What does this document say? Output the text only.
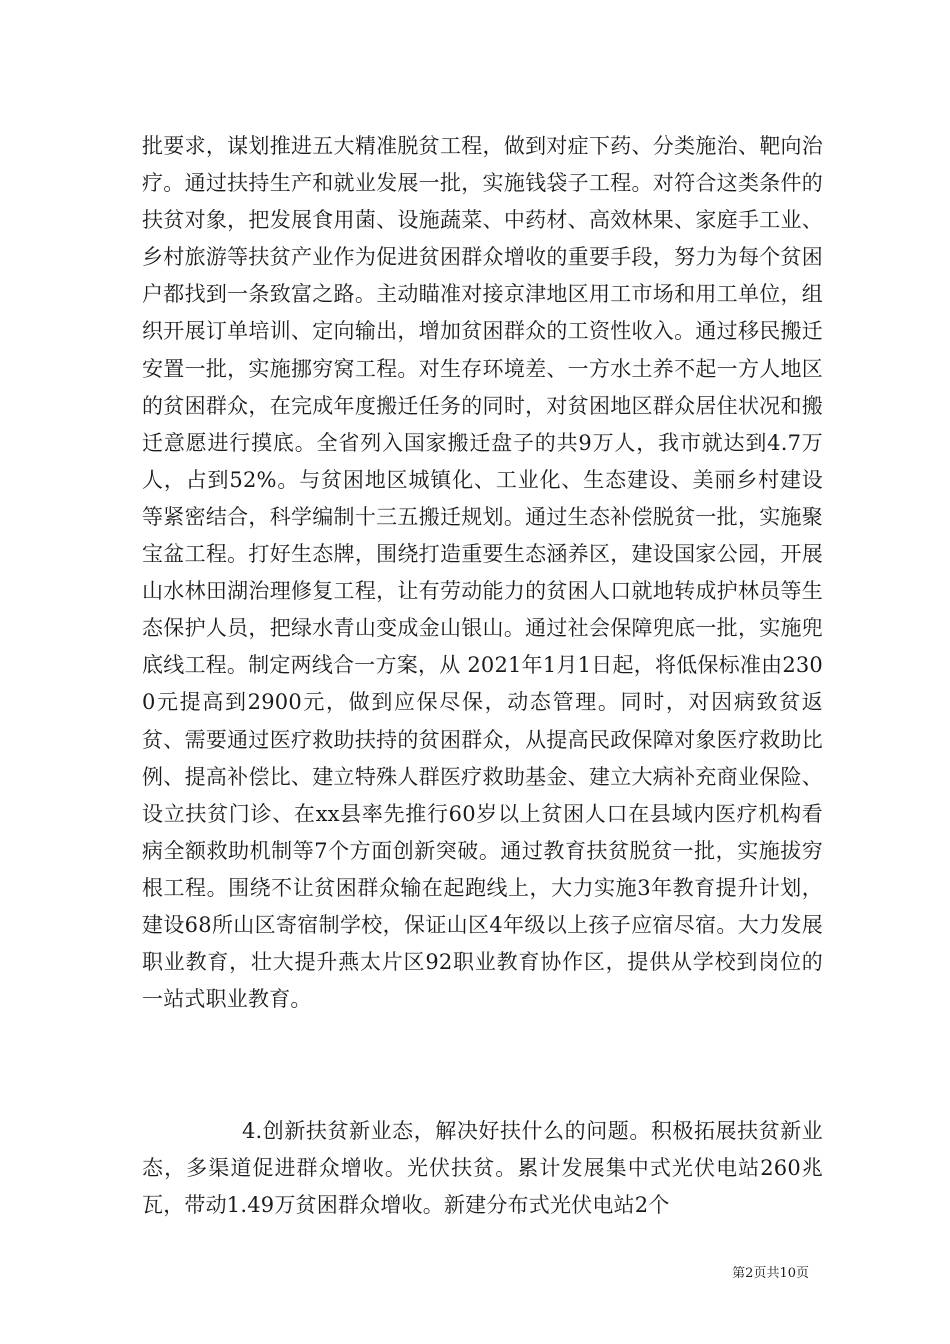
批要求，谋划推进五大精准脱贫工程，做到对症下药、分类施治、靶向治疗。通过扶持生产和就业发展一批，实施钱袋子工程。对符合这类条件的扶贫对象，把发展食用菌、设施蔬菜、中药材、高效林果、家庭手工业、乡村旅游等扶贫产业作为促进贫困群众增收的重要手段，努力为每个贫困户都找到一条致富之路。主动瞄准对接京津地区用工市场和用工单位，组织开展订单培训、定向输出，增加贫困群众的工资性收入。通过移民搬迁安置一批，实施挪穷窝工程。对生存环境差、一方水土养不起一方人地区的贫困群众，在完成年度搬迁任务的同时，对贫困地区群众居住状况和搬迁意愿进行摸底。全省列入国家搬迁盘子的共9万人，我市就达到4.7万人，占到52%。与贫困地区城镇化、工业化、生态建设、美丽乡村建设等紧密结合，科学编制十三五搬迁规划。通过生态补偿脱贫一批，实施聚宝盆工程。打好生态牌，围绕打造重要生态涵养区，建设国家公园，开展山水林田湖治理修复工程，让有劳动能力的贫困人口就地转成护林员等生态保护人员，把绿水青山变成金山银山。通过社会保障兜底一批，实施兜底线工程。制定两线合一方案，从 2021年1月1日起，将低保标准由2300元提高到2900元，做到应保尽保，动态管理。同时，对因病致贫返贫、需要通过医疗救助扶持的贫困群众，从提高民政保障对象医疗救助比例、提高补偿比、建立特殊人群医疗救助基金、建立大病补充商业保险、设立扶贫门诊、在xx县率先推行60岁以上贫困人口在县域内医疗机构看病全额救助机制等7个方面创新突破。通过教育扶贫脱贫一批，实施拔穷根工程。围绕不让贫困群众输在起跑线上，大力实施3年教育提升计划，建设68所山区寄宿制学校，保证山区4年级以上孩子应宿尽宿。大力发展职业教育，壮大提升燕太片区92职业教育协作区，提供从学校到岗位的一站式职业教育。

4.创新扶贫新业态，解决好扶什么的问题。积极拓展扶贫新业态，多渠道促进群众增收。光伏扶贫。累计发展集中式光伏电站260兆瓦，带动1.49万贫困群众增收。新建分布式光伏电站2个

第2页共10页
